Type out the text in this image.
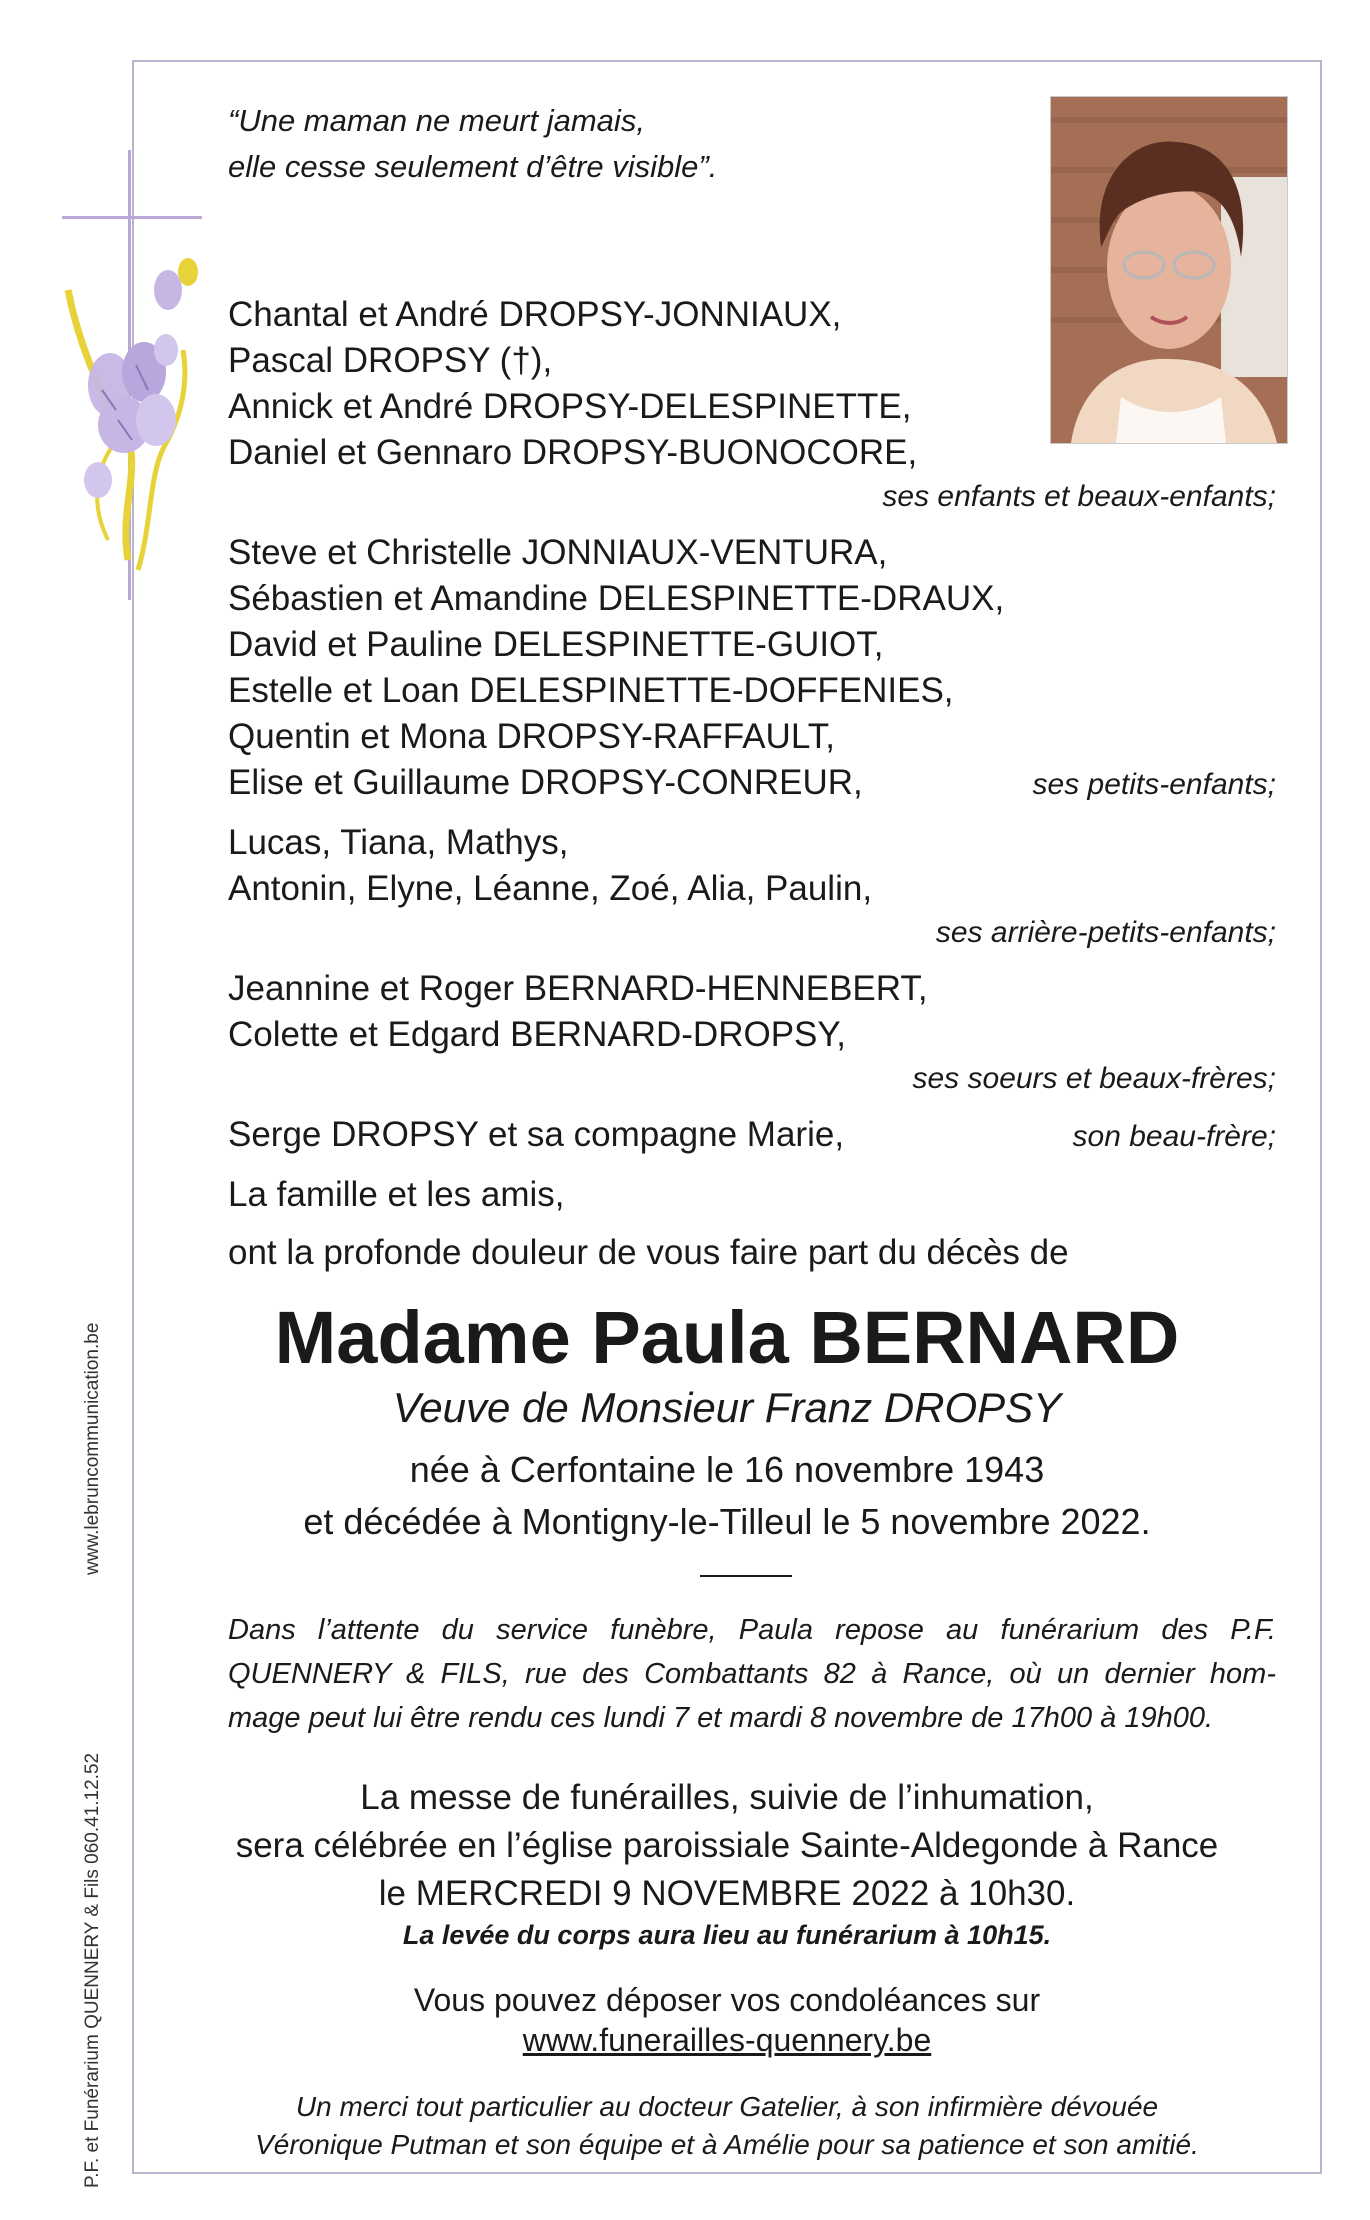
P.F. et Funérarium QUENNERY & Fils 060.41.12.52
www.lebruncommunication.be
“Une maman ne meurt jamais,
elle cesse seulement d’être visible”.
Chantal et André DROPSY-JONNIAUX,
Pascal DROPSY (†),
Annick et André DROPSY-DELESPINETTE,
Daniel et Gennaro DROPSY-BUONOCORE,
ses enfants et beaux-enfants;
Steve et Christelle JONNIAUX-VENTURA,
Sébastien et Amandine DELESPINETTE-DRAUX,
David et Pauline DELESPINETTE-GUIOT,
Estelle et Loan DELESPINETTE-DOFFENIES,
Quentin et Mona DROPSY-RAFFAULT,
Elise et Guillaume DROPSY-CONREUR,	ses petits-enfants;
Lucas, Tiana, Mathys,
Antonin, Elyne, Léanne, Zoé, Alia, Paulin,
ses arrière-petits-enfants;
Jeannine et Roger BERNARD-HENNEBERT,
Colette et Edgard BERNARD-DROPSY,
ses soeurs et beaux-frères;
Serge DROPSY et sa compagne Marie,	son beau-frère;
La famille et les amis,
ont la profonde douleur de vous faire part du décès de
Madame Paula BERNARD
Veuve de Monsieur Franz DROPSY
née à Cerfontaine le 16 novembre 1943
et décédée à Montigny-le-Tilleul le 5 novembre 2022.
Dans l’attente du service funèbre, Paula repose au funérarium des P.F.
QUENNERY & FILS, rue des Combattants 82 à Rance, où un dernier hom-
mage peut lui être rendu ces lundi 7 et mardi 8 novembre de 17h00 à 19h00.
La messe de funérailles, suivie de l’inhumation,
sera célébrée en l’église paroissiale Sainte-Aldegonde à Rance
le MERCREDI 9 NOVEMBRE 2022 à 10h30.
La levée du corps aura lieu au funérarium à 10h15.
Vous pouvez déposer vos condoléances sur
www.funerailles-quennery.be
Un merci tout particulier au docteur Gatelier, à son infirmière dévouée
Véronique Putman et son équipe et à Amélie pour sa patience et son amitié.
